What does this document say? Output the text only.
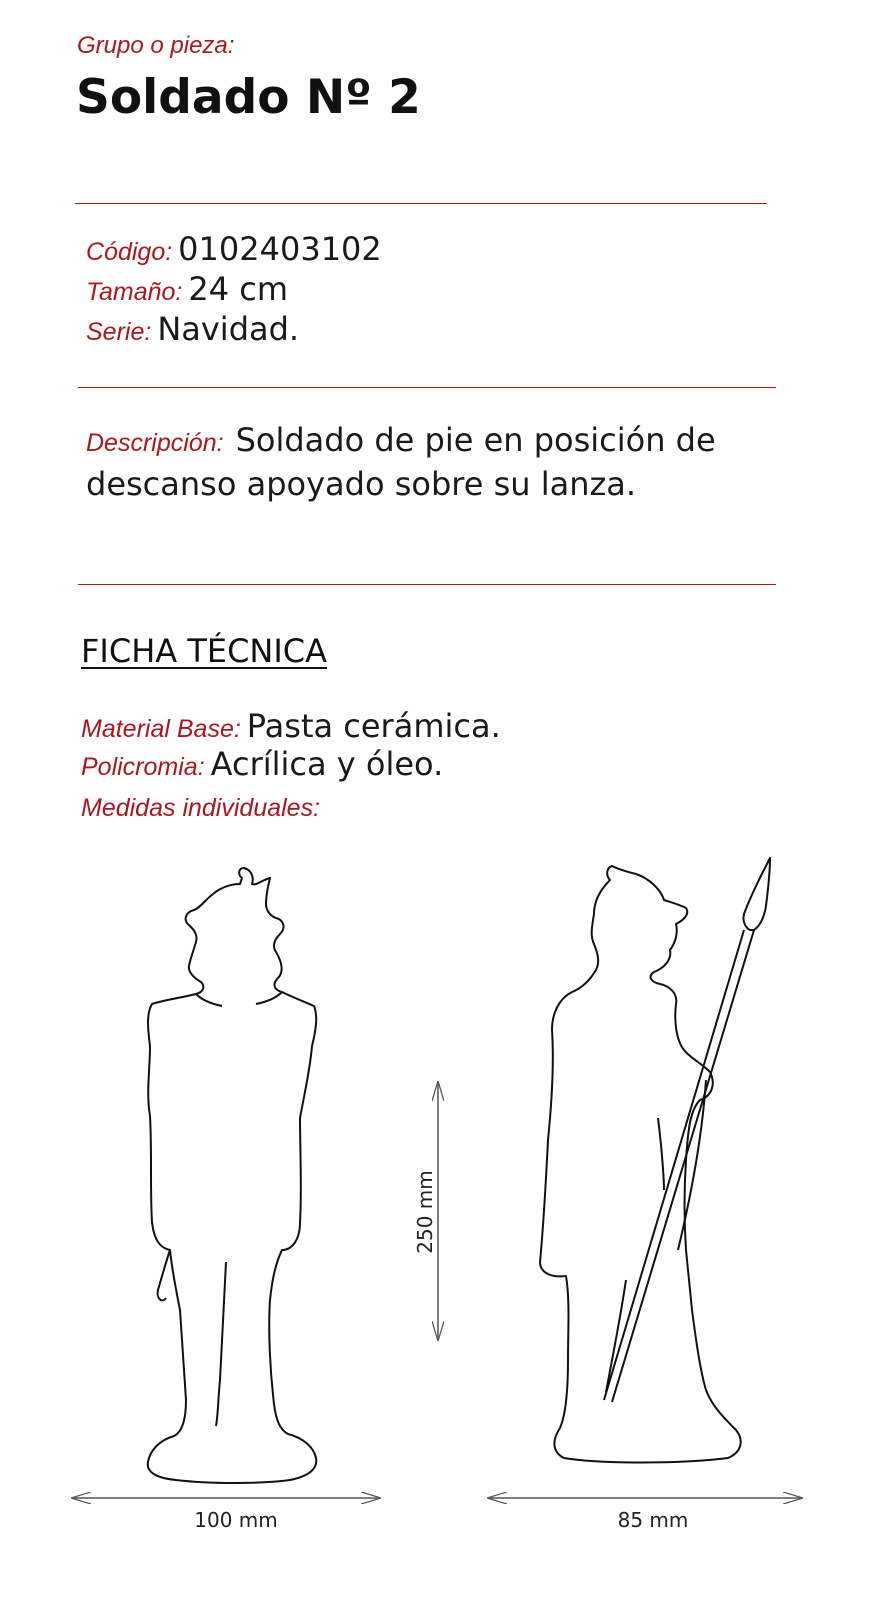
Grupo o pieza:
Soldado Nº 2
Código: 0102403102
Tamaño: 24 cm
Serie: Navidad.
Descripción: Soldado de pie en posición de descanso apoyado sobre su lanza.
FICHA TÉCNICA
Material Base: Pasta cerámica.
Policromia: Acrílica y óleo.
Medidas individuales:
100 mm	85 mm
250 mm
